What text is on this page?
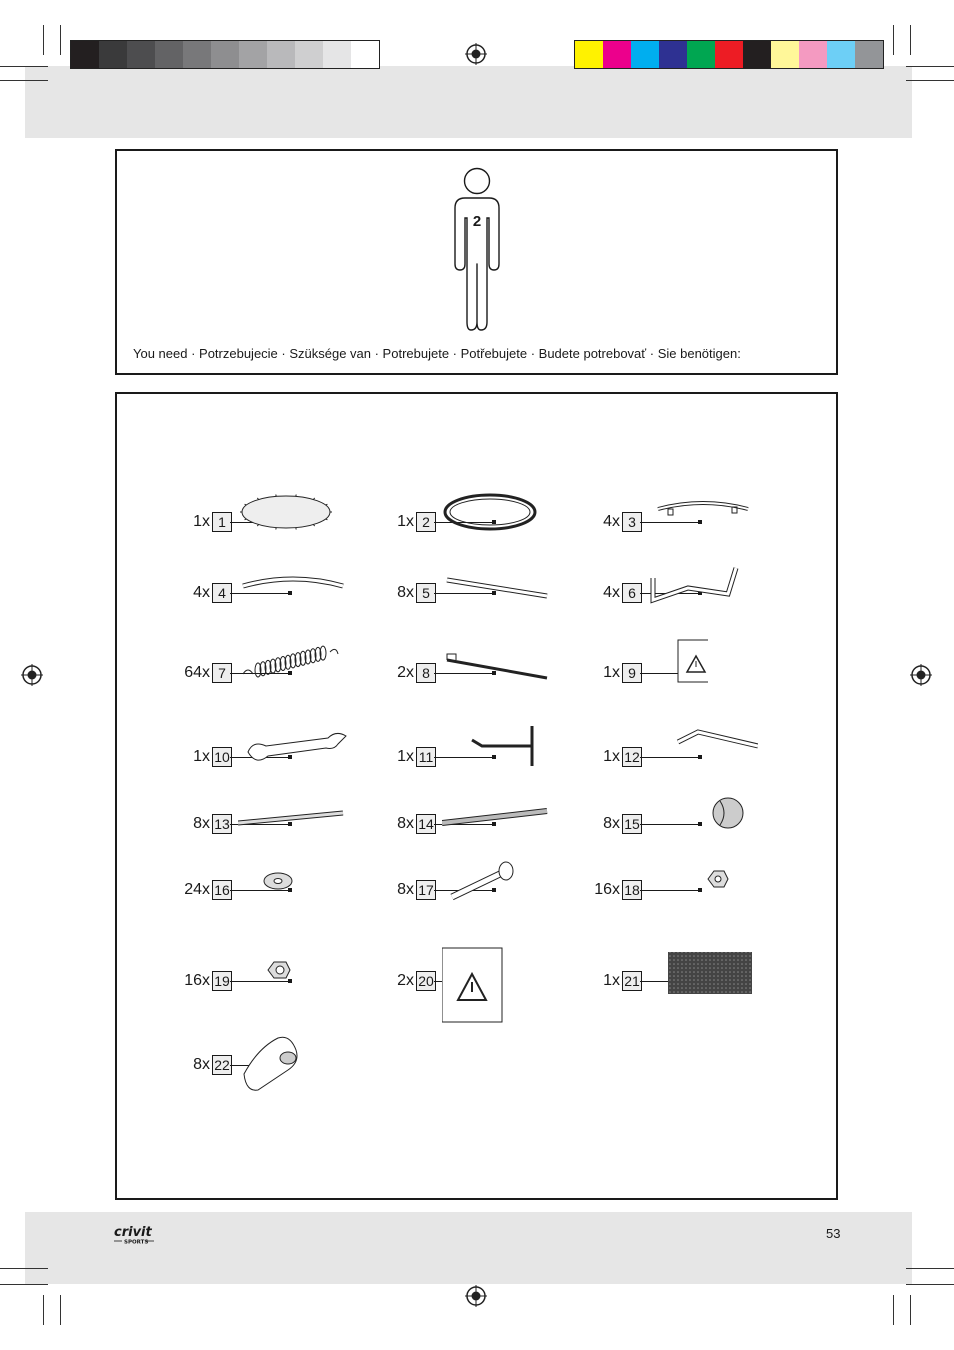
2
You need · Potrzebujecie · Szüksége van · Potrebujete · Potřebujete · Budete potrebovať · Sie benötigen:
1x 1	1x 2	4x 3
4x 4	8x 5	4x 6
64x 7	2x 8	1x 9
1x 10	1x 11	1x 12
8x 13	8x 14	8x 15
24x 16	8x 17	16x 18
16x 19	2x 20	1x 21
8x 22
crivit
SPORTS
53
